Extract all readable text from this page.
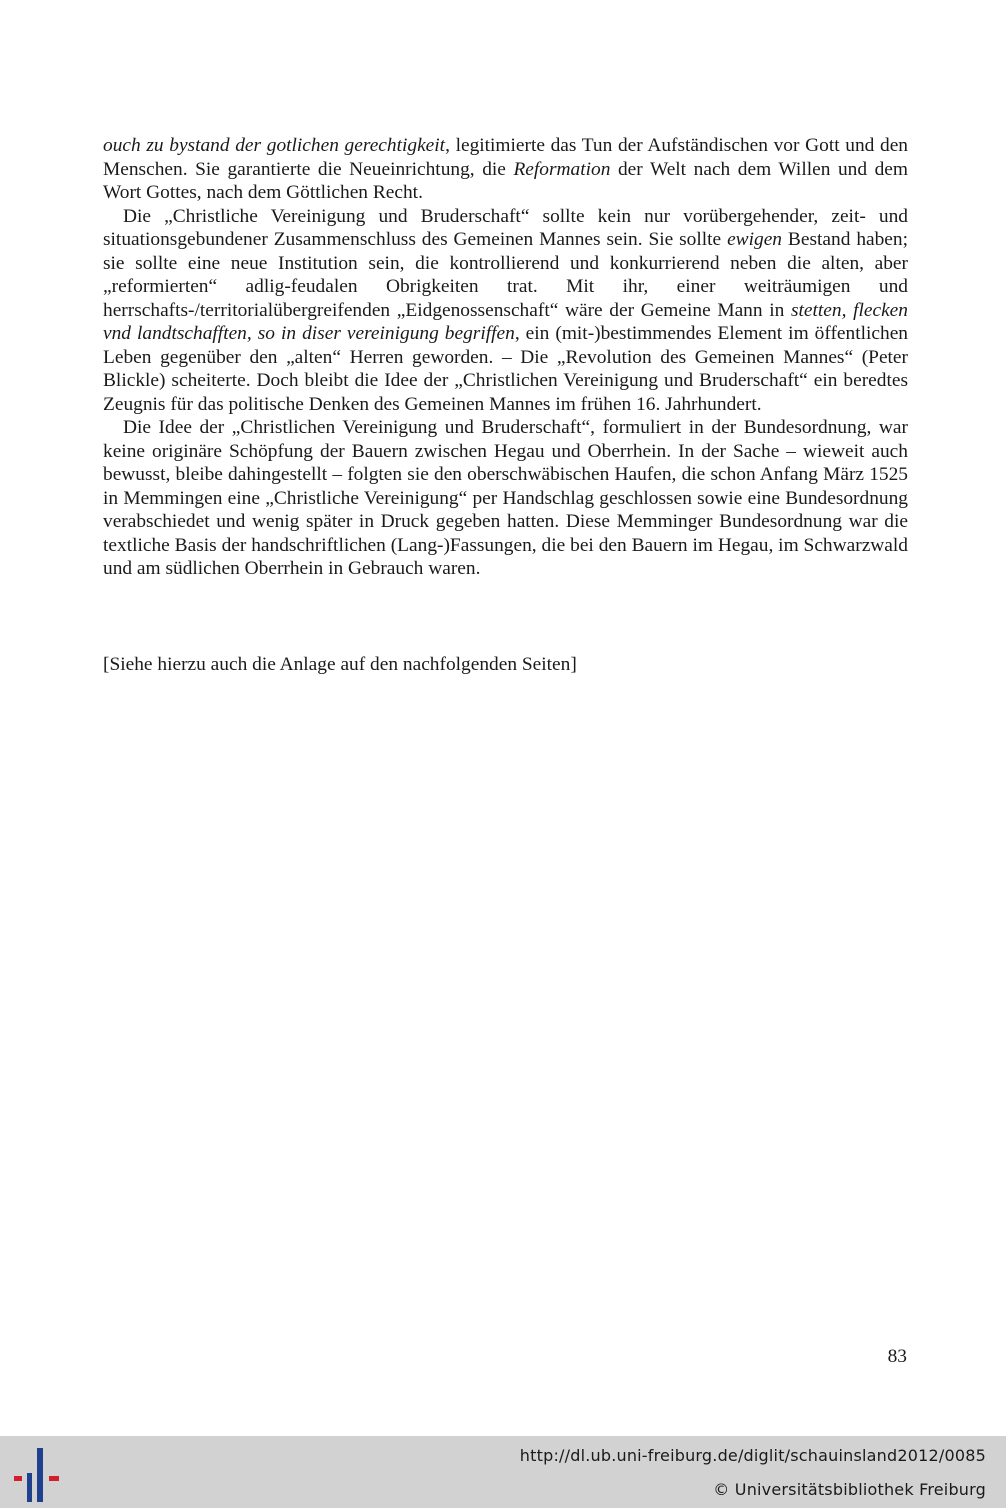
ouch zu bystand der gotlichen gerechtigkeit, legitimierte das Tun der Aufständischen vor Gott und den Menschen. Sie garantierte die Neueinrichtung, die Reformation der Welt nach dem Willen und dem Wort Gottes, nach dem Göttlichen Recht.

Die „Christliche Vereinigung und Bruderschaft“ sollte kein nur vorübergehender, zeit- und situationsgebundener Zusammenschluss des Gemeinen Mannes sein. Sie sollte ewigen Bestand haben; sie sollte eine neue Institution sein, die kontrollierend und konkurrierend neben die alten, aber „reformierten“ adlig-feudalen Obrigkeiten trat. Mit ihr, einer weiträumigen und herrschafts-/territorialübergreifenden „Eidgenossenschaft“ wäre der Gemeine Mann in stetten, flecken vnd landtschafften, so in diser vereinigung begriffen, ein (mit-)bestimmendes Element im öffentlichen Leben gegenüber den „alten“ Herren geworden. – Die „Revolution des Gemeinen Mannes“ (Peter Blickle) scheiterte. Doch bleibt die Idee der „Christlichen Vereinigung und Bruderschaft“ ein beredtes Zeugnis für das politische Denken des Gemeinen Mannes im frühen 16. Jahrhundert.

Die Idee der „Christlichen Vereinigung und Bruderschaft“, formuliert in der Bundesordnung, war keine originäre Schöpfung der Bauern zwischen Hegau und Oberrhein. In der Sache – wieweit auch bewusst, bleibe dahingestellt – folgten sie den oberschwäbischen Haufen, die schon Anfang März 1525 in Memmingen eine „Christliche Vereinigung“ per Handschlag geschlossen sowie eine Bundesordnung verabschiedet und wenig später in Druck gegeben hatten. Diese Memminger Bundesordnung war die textliche Basis der handschriftlichen (Lang-)Fassungen, die bei den Bauern im Hegau, im Schwarzwald und am südlichen Oberrhein in Gebrauch waren.

[Siehe hierzu auch die Anlage auf den nachfolgenden Seiten]
83
http://dl.ub.uni-freiburg.de/diglit/schauinsland2012/0085
© Universitätsbibliothek Freiburg
